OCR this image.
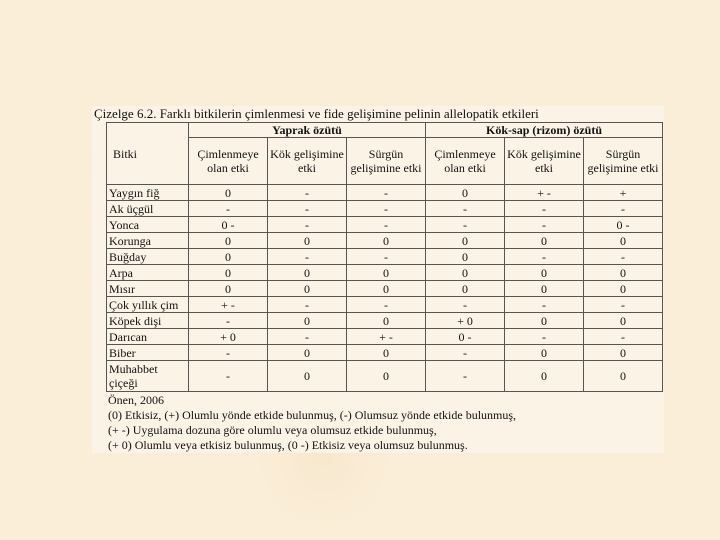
Çizelge 6.2. Farklı bitkilerin çimlenmesi ve fide gelişimine pelinin allelopatik etkileri
Bitki	Yaprak özütü			Kök-sap (rizom) özütü		
	Çimlenmeye olan etki	Kök gelişimine etki	Sürgün gelişimine etki	Çimlenmeye olan etki	Kök gelişimine etki	Sürgün gelişimine etki
Yaygın fiğ	0	-	-	0	+ -	+
Ak üçgül	-	-	-	-	-	-
Yonca	0 -	-	-	-	-	0 -
Korunga	0	0	0	0	0	0
Buğday	0	-	-	0	-	-
Arpa	0	0	0	0	0	0
Mısır	0	0	0	0	0	0
Çok yıllık çim	+ -	-	-	-	-	-
Köpek dişi	-	0	0	+ 0	0	0
Darıcan	+ 0	-	+ -	0 -	-	-
Biber	-	0	0	-	0	0
Muhabbet çiçeği	-	0	0	-	0	0
Önen, 2006
(0) Etkisiz, (+) Olumlu yönde etkide bulunmuş, (-) Olumsuz yönde etkide bulunmuş,
(+ -) Uygulama dozuna göre olumlu veya olumsuz etkide bulunmuş,
(+ 0) Olumlu veya etkisiz bulunmuş, (0 -) Etkisiz veya olumsuz bulunmuş.
